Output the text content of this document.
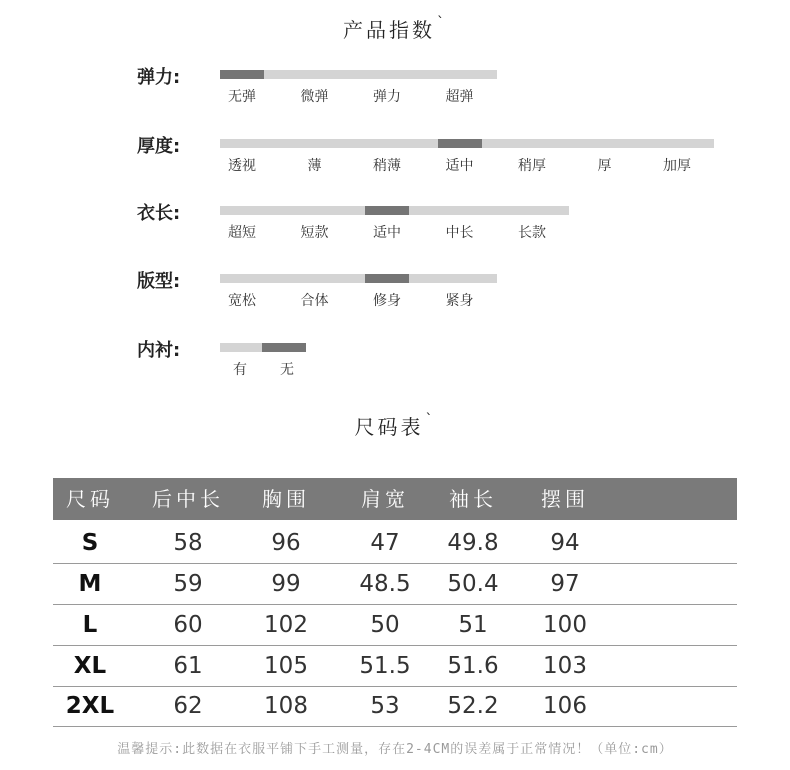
产品指数 $^ˋ$
弹力:
无弹	微弹	弹力	超弹
厚度:
透视	薄	稍薄	适中	稍厚	厚	加厚
衣长:
超短	短款	适中	中长	长款
版型:
宽松	合体	修身	紧身
内衬:
有 无
尺码表 $^ˋ$
尺码 后中长 胸围	肩宽 袖长 摆围
S	58	96	47 49.8 94
M	59	99	48.5 50.4 97
L	60	102	50	51 100
XL	61	105 51.5 51.6 103
2XL	62	108	53 52.2 106
温馨提示:此数据在衣服平铺下手工测量，存在2-4CM的误差属于正常情况！（单位:cm）
